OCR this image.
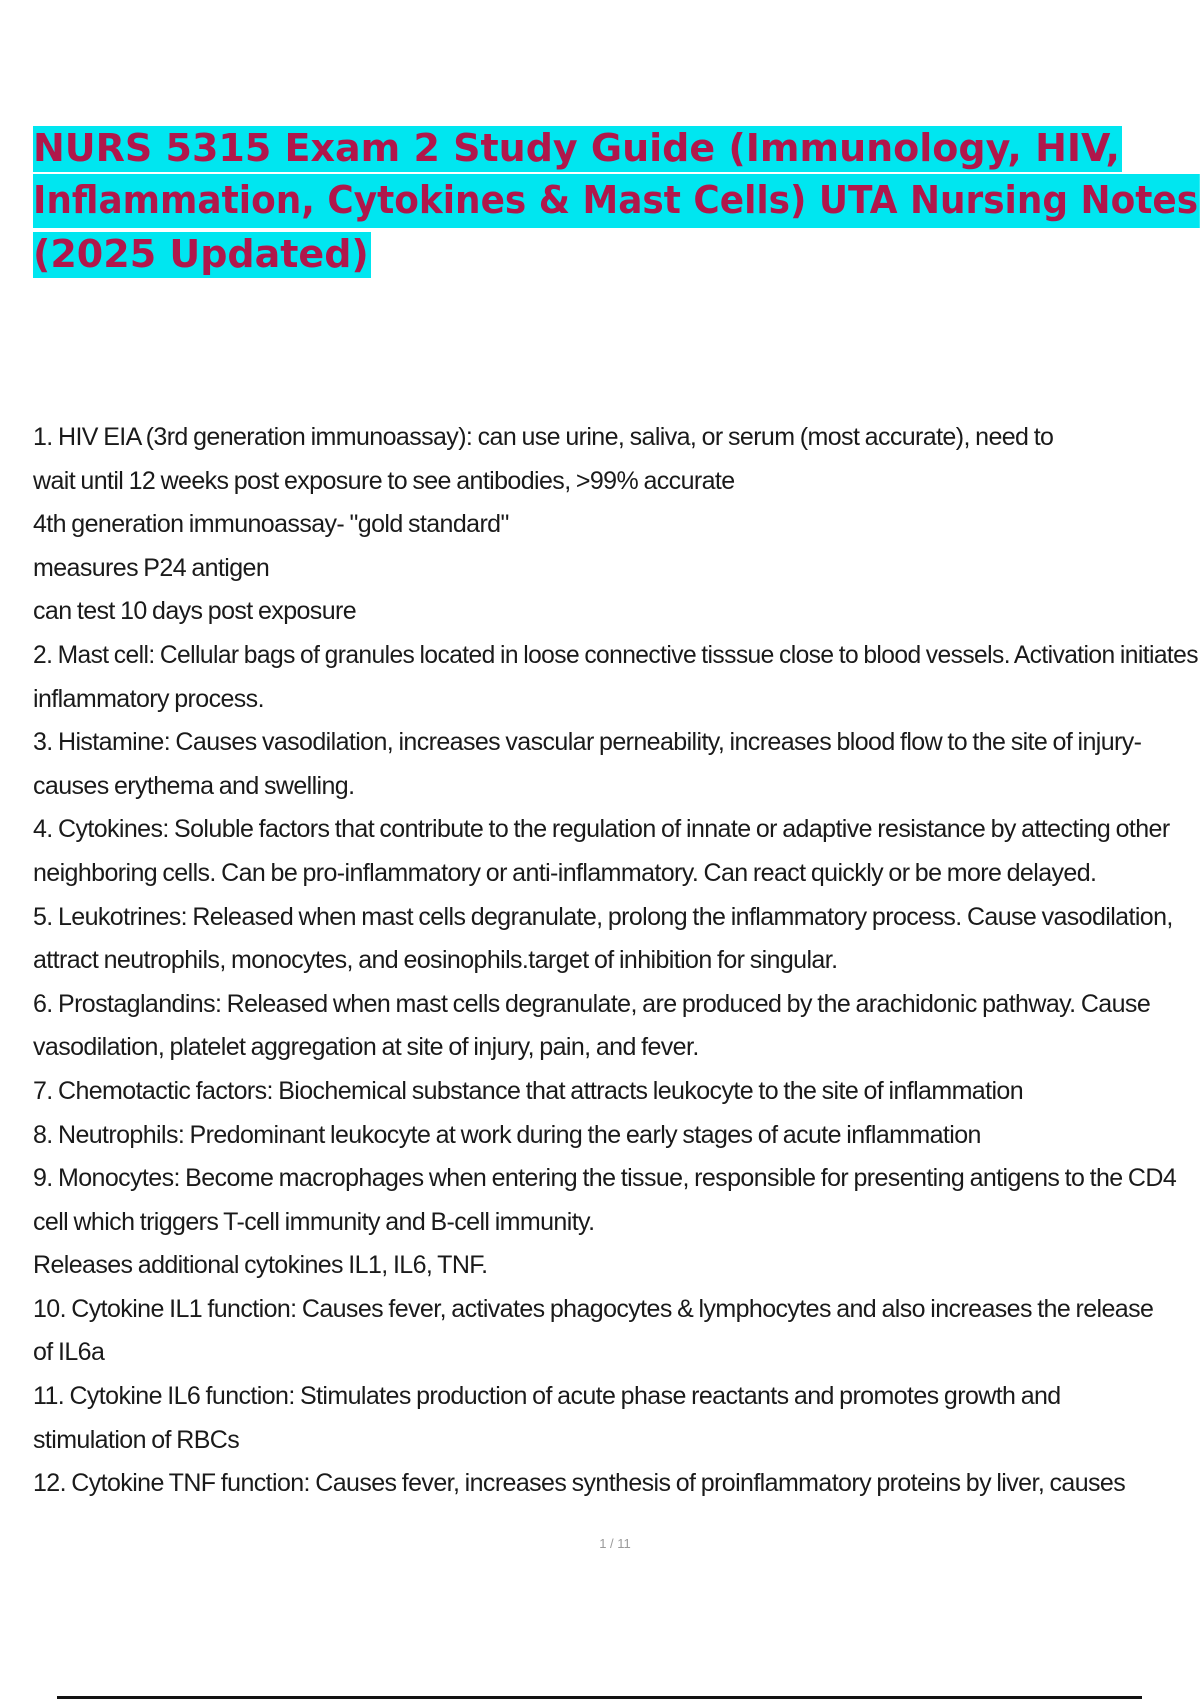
NURS 5315 Exam 2 Study Guide (Immunology, HIV,
Inflammation, Cytokines & Mast Cells) UTA Nursing Notes
(2025 Updated)
1. HIV EIA (3rd generation immunoassay): can use urine, saliva, or serum (most accurate), need to
wait until 12 weeks post exposure to see antibodies, >99% accurate
4th generation immunoassay- "gold standard"
measures P24 antigen
can test 10 days post exposure
2. Mast cell: Cellular bags of granules located in loose connective tisssue close to blood vessels. Activation initiates
inflammatory process.
3. Histamine: Causes vasodilation, increases vascular perneability, increases blood flow to the site of injury-
causes erythema and swelling.
4. Cytokines: Soluble factors that contribute to the regulation of innate or adaptive resistance by attecting other
neighboring cells. Can be pro-inflammatory or anti-inflammatory. Can react quickly or be more delayed.
5. Leukotrines: Released when mast cells degranulate, prolong the inflammatory process. Cause vasodilation,
attract neutrophils, monocytes, and eosinophils.target of inhibition for singular.
6. Prostaglandins: Released when mast cells degranulate, are produced by the arachidonic pathway. Cause
vasodilation, platelet aggregation at site of injury, pain, and fever.
7. Chemotactic factors: Biochemical substance that attracts leukocyte to the site of inflammation
8. Neutrophils: Predominant leukocyte at work during the early stages of acute inflammation
9. Monocytes: Become macrophages when entering the tissue, responsible for presenting antigens to the CD4
cell which triggers T-cell immunity and B-cell immunity.
Releases additional cytokines IL1, IL6, TNF.
10. Cytokine IL1 function: Causes fever, activates phagocytes & lymphocytes and also increases the release
of IL6a
11. Cytokine IL6 function: Stimulates production of acute phase reactants and promotes growth and
stimulation of RBCs
12. Cytokine TNF function: Causes fever, increases synthesis of proinflammatory proteins by liver, causes
1 / 11
